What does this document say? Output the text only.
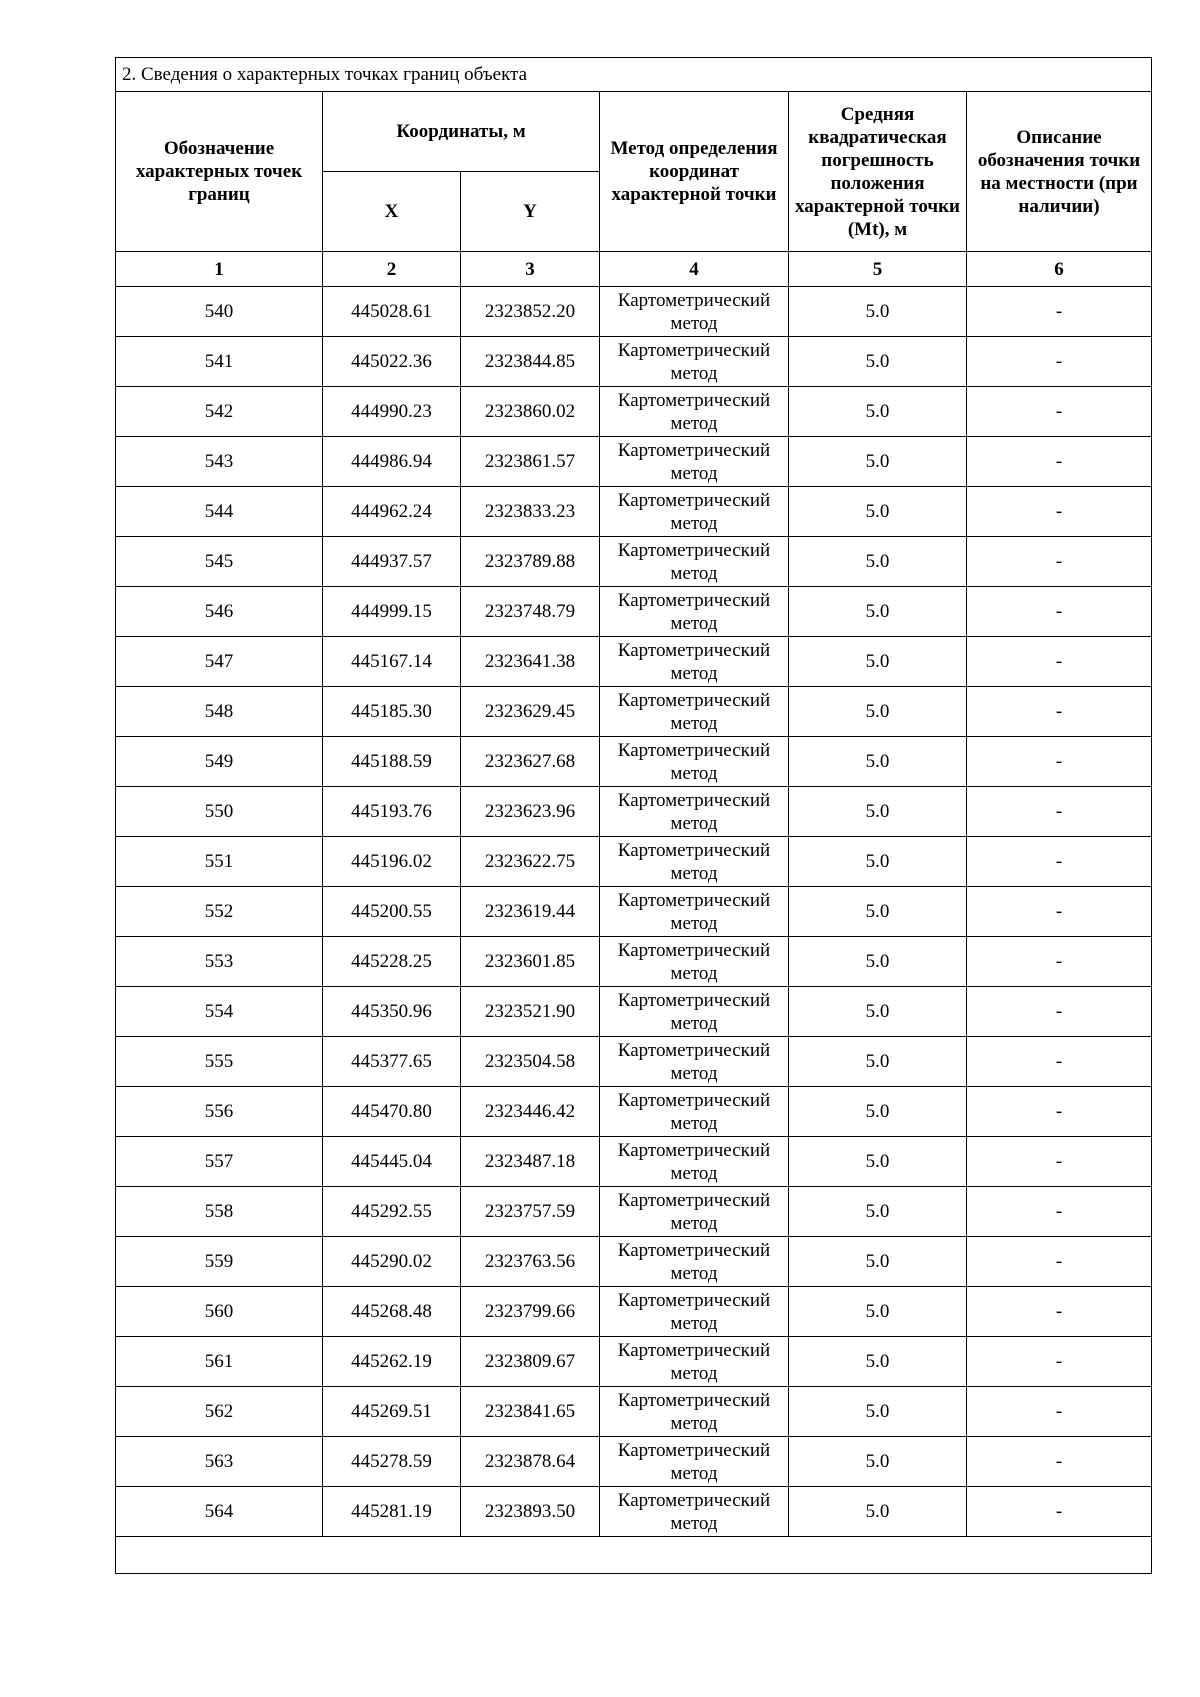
2. Сведения о характерных точках границ объекта					
Обозначение характерных точек границ	Координаты, м		Метод определения координат характерной точки	Средняя квадратическая погрешность положения характерной точки (Mt), м	Описание обозначения точки на местности (при наличии)
	X	Y			
1	2	3	4	5	6
540	445028.61	2323852.20	Картометрический метод	5.0	-
541	445022.36	2323844.85	Картометрический метод	5.0	-
542	444990.23	2323860.02	Картометрический метод	5.0	-
543	444986.94	2323861.57	Картометрический метод	5.0	-
544	444962.24	2323833.23	Картометрический метод	5.0	-
545	444937.57	2323789.88	Картометрический метод	5.0	-
546	444999.15	2323748.79	Картометрический метод	5.0	-
547	445167.14	2323641.38	Картометрический метод	5.0	-
548	445185.30	2323629.45	Картометрический метод	5.0	-
549	445188.59	2323627.68	Картометрический метод	5.0	-
550	445193.76	2323623.96	Картометрический метод	5.0	-
551	445196.02	2323622.75	Картометрический метод	5.0	-
552	445200.55	2323619.44	Картометрический метод	5.0	-
553	445228.25	2323601.85	Картометрический метод	5.0	-
554	445350.96	2323521.90	Картометрический метод	5.0	-
555	445377.65	2323504.58	Картометрический метод	5.0	-
556	445470.80	2323446.42	Картометрический метод	5.0	-
557	445445.04	2323487.18	Картометрический метод	5.0	-
558	445292.55	2323757.59	Картометрический метод	5.0	-
559	445290.02	2323763.56	Картометрический метод	5.0	-
560	445268.48	2323799.66	Картометрический метод	5.0	-
561	445262.19	2323809.67	Картометрический метод	5.0	-
562	445269.51	2323841.65	Картометрический метод	5.0	-
563	445278.59	2323878.64	Картометрический метод	5.0	-
564	445281.19	2323893.50	Картометрический метод	5.0	-
